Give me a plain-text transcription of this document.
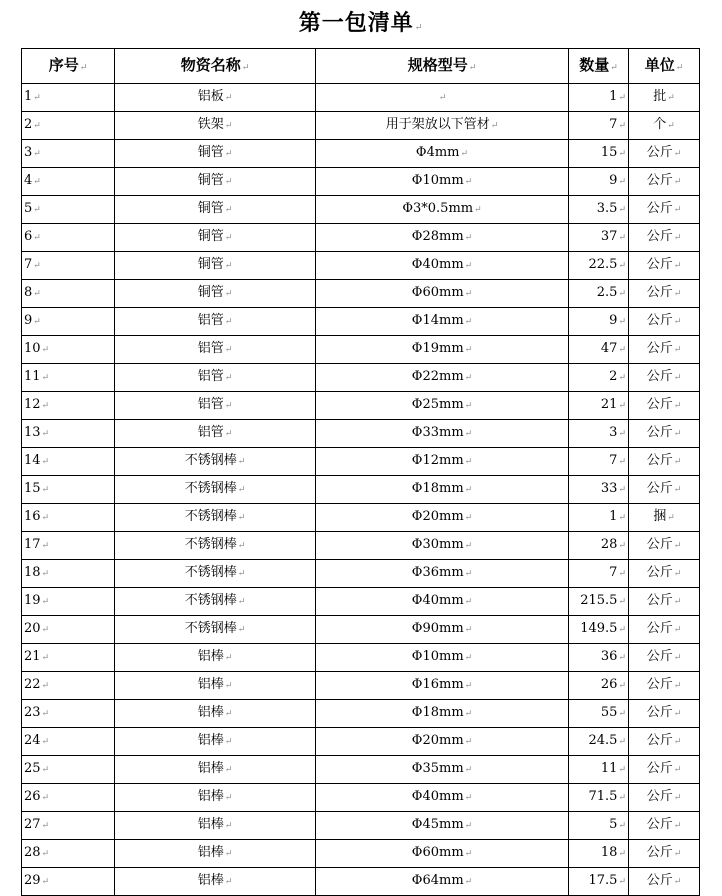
第一包清单↵
序号↵	物资名称↵	规格型号↵	数量↵	单位↵
1↵	铝板↵	↵	1↵	批↵
2↵	铁架↵	用于架放以下管材↵	7↵	个↵
3↵	铜管↵	Φ4mm↵	15↵	公斤↵
4↵	铜管↵	Φ10mm↵	9↵	公斤↵
5↵	铜管↵	Φ3*0.5mm↵	3.5↵	公斤↵
6↵	铜管↵	Φ28mm↵	37↵	公斤↵
7↵	铜管↵	Φ40mm↵	22.5↵	公斤↵
8↵	铜管↵	Φ60mm↵	2.5↵	公斤↵
9↵	铝管↵	Φ14mm↵	9↵	公斤↵
10↵	铝管↵	Φ19mm↵	47↵	公斤↵
11↵	铝管↵	Φ22mm↵	2↵	公斤↵
12↵	铝管↵	Φ25mm↵	21↵	公斤↵
13↵	铝管↵	Φ33mm↵	3↵	公斤↵
14↵	不锈钢棒↵	Φ12mm↵	7↵	公斤↵
15↵	不锈钢棒↵	Φ18mm↵	33↵	公斤↵
16↵	不锈钢棒↵	Φ20mm↵	1↵	捆↵
17↵	不锈钢棒↵	Φ30mm↵	28↵	公斤↵
18↵	不锈钢棒↵	Φ36mm↵	7↵	公斤↵
19↵	不锈钢棒↵	Φ40mm↵	215.5↵	公斤↵
20↵	不锈钢棒↵	Φ90mm↵	149.5↵	公斤↵
21↵	铝棒↵	Φ10mm↵	36↵	公斤↵
22↵	铝棒↵	Φ16mm↵	26↵	公斤↵
23↵	铝棒↵	Φ18mm↵	55↵	公斤↵
24↵	铝棒↵	Φ20mm↵	24.5↵	公斤↵
25↵	铝棒↵	Φ35mm↵	11↵	公斤↵
26↵	铝棒↵	Φ40mm↵	71.5↵	公斤↵
27↵	铝棒↵	Φ45mm↵	5↵	公斤↵
28↵	铝棒↵	Φ60mm↵	18↵	公斤↵
29↵	铝棒↵	Φ64mm↵	17.5↵	公斤↵
